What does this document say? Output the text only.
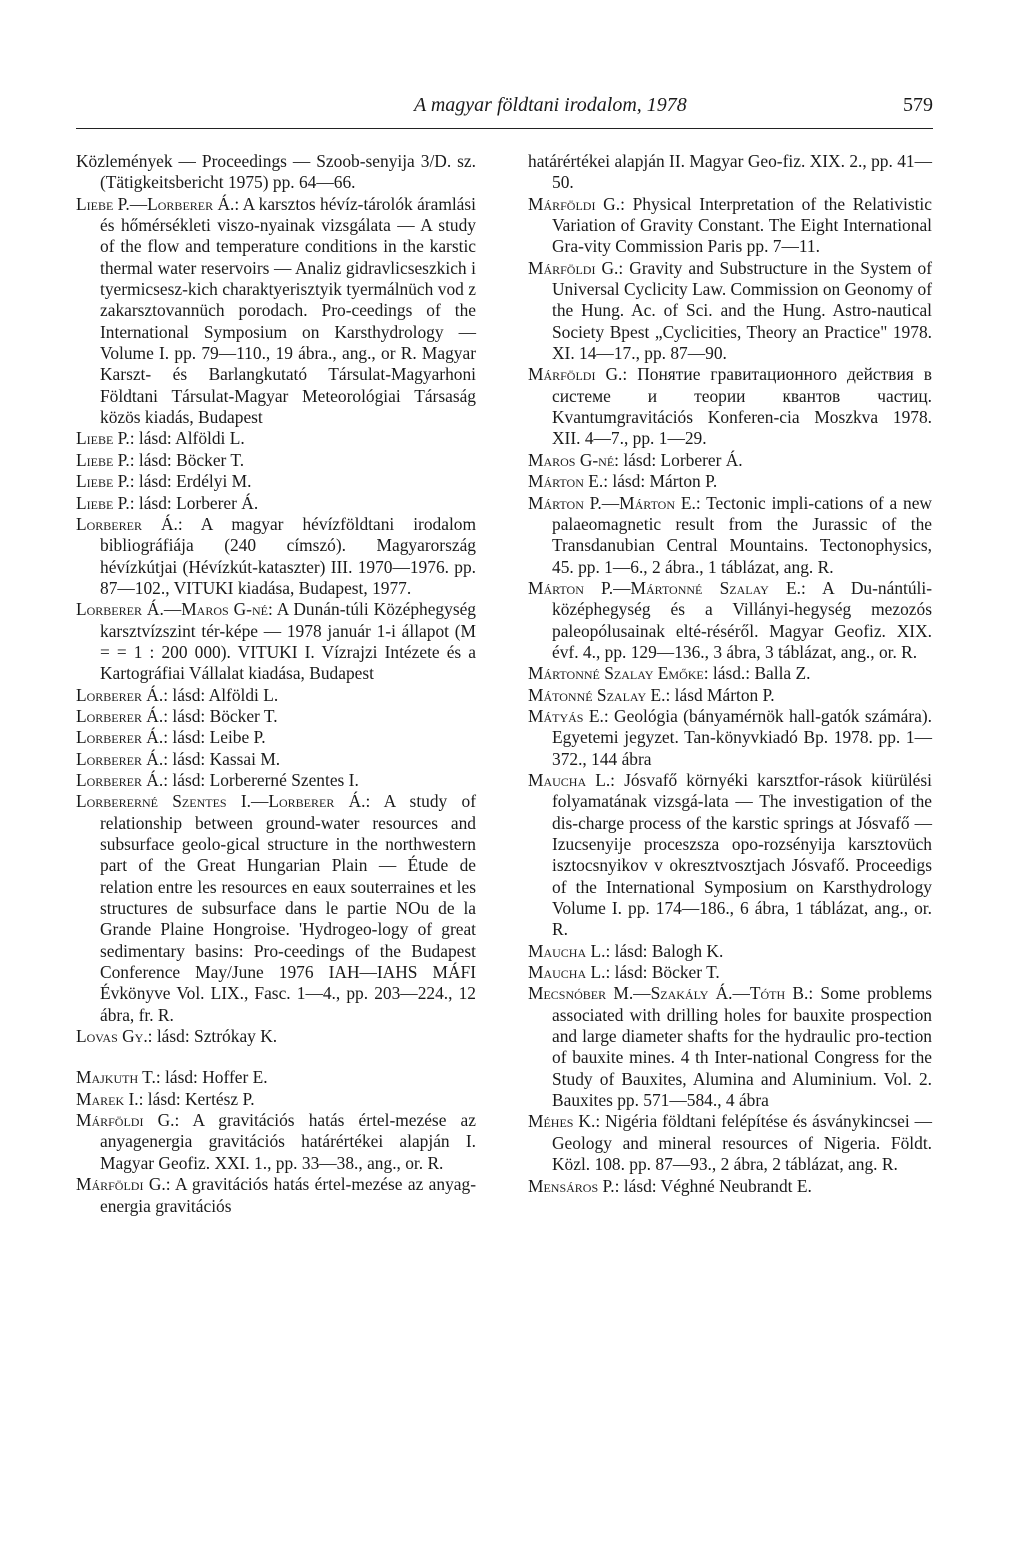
A magyar földtani irodalom, 1978	579

Közlemények — Proceedings — Szoob-senyija 3/D. sz. (Tätigkeitsbericht 1975) pp. 64—66.

Liebe P.—Lorberer Á.: A karsztos hévíz-tárolók áramlási és hőmérsékleti viszo-nyainak vizsgálata — A study of the flow and temperature conditions in the karstic thermal water reservoirs — Analiz gidravlicseszkich i tyermicsesz-kich charaktyerisztyik tyermálnüch vod z zakarsztovannüch porodach. Pro-ceedings of the International Symposium on Karsthydrology — Volume I. pp. 79—110., 19 ábra., ang., or R. Magyar Karszt- és Barlangkutató Társulat-Magyarhoni Földtani Társulat-Magyar Meteorológiai Társaság közös kiadás, Budapest

Liebe P.: lásd: Alföldi L.

Liebe P.: lásd: Böcker T.

Liebe P.: lásd: Erdélyi M.

Liebe P.: lásd: Lorberer Á.

Lorberer Á.: A magyar hévízföldtani irodalom bibliográfiája (240 címszó). Magyarország hévízkútjai (Hévízkút-kataszter) III. 1970—1976. pp. 87—102., VITUKI kiadása, Budapest, 1977.

Lorberer Á.—Maros G-né: A Dunán-túli Középhegység karsztvízszint tér-képe — 1978 január 1-i állapot (M = = 1 : 200 000). VITUKI I. Vízrajzi Intézete és a Kartográfiai Vállalat kiadása, Budapest

Lorberer Á.: lásd: Alföldi L.

Lorberer Á.: lásd: Böcker T.

Lorberer Á.: lásd: Leibe P.

Lorberer Á.: lásd: Kassai M.

Lorberer Á.: lásd: Lorbererné Szentes I.

Lorbererné Szentes I.—Lorberer Á.: A study of relationship between ground-water resources and subsurface geolo-gical structure in the northwestern part of the Great Hungarian Plain — Étude de relation entre les resources en eaux souterraines et les structures de subsurface dans le partie NOu de la Grande Plaine Hongroise. 'Hydrogeo-logy of great sedimentary basins: Pro-ceedings of the Budapest Conference May/June 1976 IAH—IAHS MÁFI Évkönyve Vol. LIX., Fasc. 1—4., pp. 203—224., 12 ábra, fr. R.

Lovas Gy.: lásd: Sztrókay K.

Majkuth T.: lásd: Hoffer E.

Marek I.: lásd: Kertész P.

Márföldi G.: A gravitációs hatás értel-mezése az anyagenergia gravitációs határértékei alapján I. Magyar Geofiz. XXI. 1., pp. 33—38., ang., or. R.

Márföldi G.: A gravitációs hatás értel-mezése az anyag-energia gravitációs

határértékei alapján II. Magyar Geo-fiz. XIX. 2., pp. 41—50.

Márföldi G.: Physical Interpretation of the Relativistic Variation of Gravity Constant. The Eight International Gra-vity Commission Paris pp. 7—11.

Márföldi G.: Gravity and Substructure in the System of Universal Cyclicity Law. Commission on Geonomy of the Hung. Ac. of Sci. and the Hung. Astro-nautical Society Bpest „Cyclicities, Theory an Practice" 1978. XI. 14—17., pp. 87—90.

Márföldi G.: Понятие гравитационного действия в системе и теории квантов частиц. Kvantumgravitációs Konferen-cia Moszkva 1978. XII. 4—7., pp. 1—29.

Maros G-né: lásd: Lorberer Á.

Márton E.: lásd: Márton P.

Márton P.—Márton E.: Tectonic impli-cations of a new palaeomagnetic result from the Jurassic of the Transdanubian Central Mountains. Tectonophysics, 45. pp. 1—6., 2 ábra., 1 táblázat, ang. R.

Márton P.—Mártonné Szalay E.: A Du-nántúli-középhegység és a Villányi-hegység mezozós paleopólusainak elté-réséről. Magyar Geofiz. XIX. évf. 4., pp. 129—136., 3 ábra, 3 táblázat, ang., or. R.

Mártonné Szalay Emőke: lásd.: Balla Z.

Mátonné Szalay E.: lásd Márton P.

Mátyás E.: Geológia (bányamérnök hall-gatók számára). Egyetemi jegyzet. Tan-könyvkiadó Bp. 1978. pp. 1—372., 144 ábra

Maucha L.: Jósvafő környéki karsztfor-rások kiürülési folyamatának vizsgá-lata — The investigation of the dis-charge process of the karstic springs at Jósvafő — Izucsenyije proceszsza opo-rozsényija karsztovüch isztocsnyikov v okresztvosztjach Jósvafő. Proceedigs of the International Symposium on Karsthydrology Volume I. pp. 174—186., 6 ábra, 1 táblázat, ang., or. R.

Maucha L.: lásd: Balogh K.

Maucha L.: lásd: Böcker T.

Mecsnóber M.—Szakály Á.—Tóth B.: Some problems associated with drilling holes for bauxite prospection and large diameter shafts for the hydraulic pro-tection of bauxite mines. 4 th Inter-national Congress for the Study of Bauxites, Alumina and Aluminium. Vol. 2. Bauxites pp. 571—584., 4 ábra

Méhes K.: Nigéria földtani felépítése és ásványkincsei — Geology and mineral resources of Nigeria. Földt. Közl. 108. pp. 87—93., 2 ábra, 2 táblázat, ang. R.

Mensáros P.: lásd: Véghné Neubrandt E.
